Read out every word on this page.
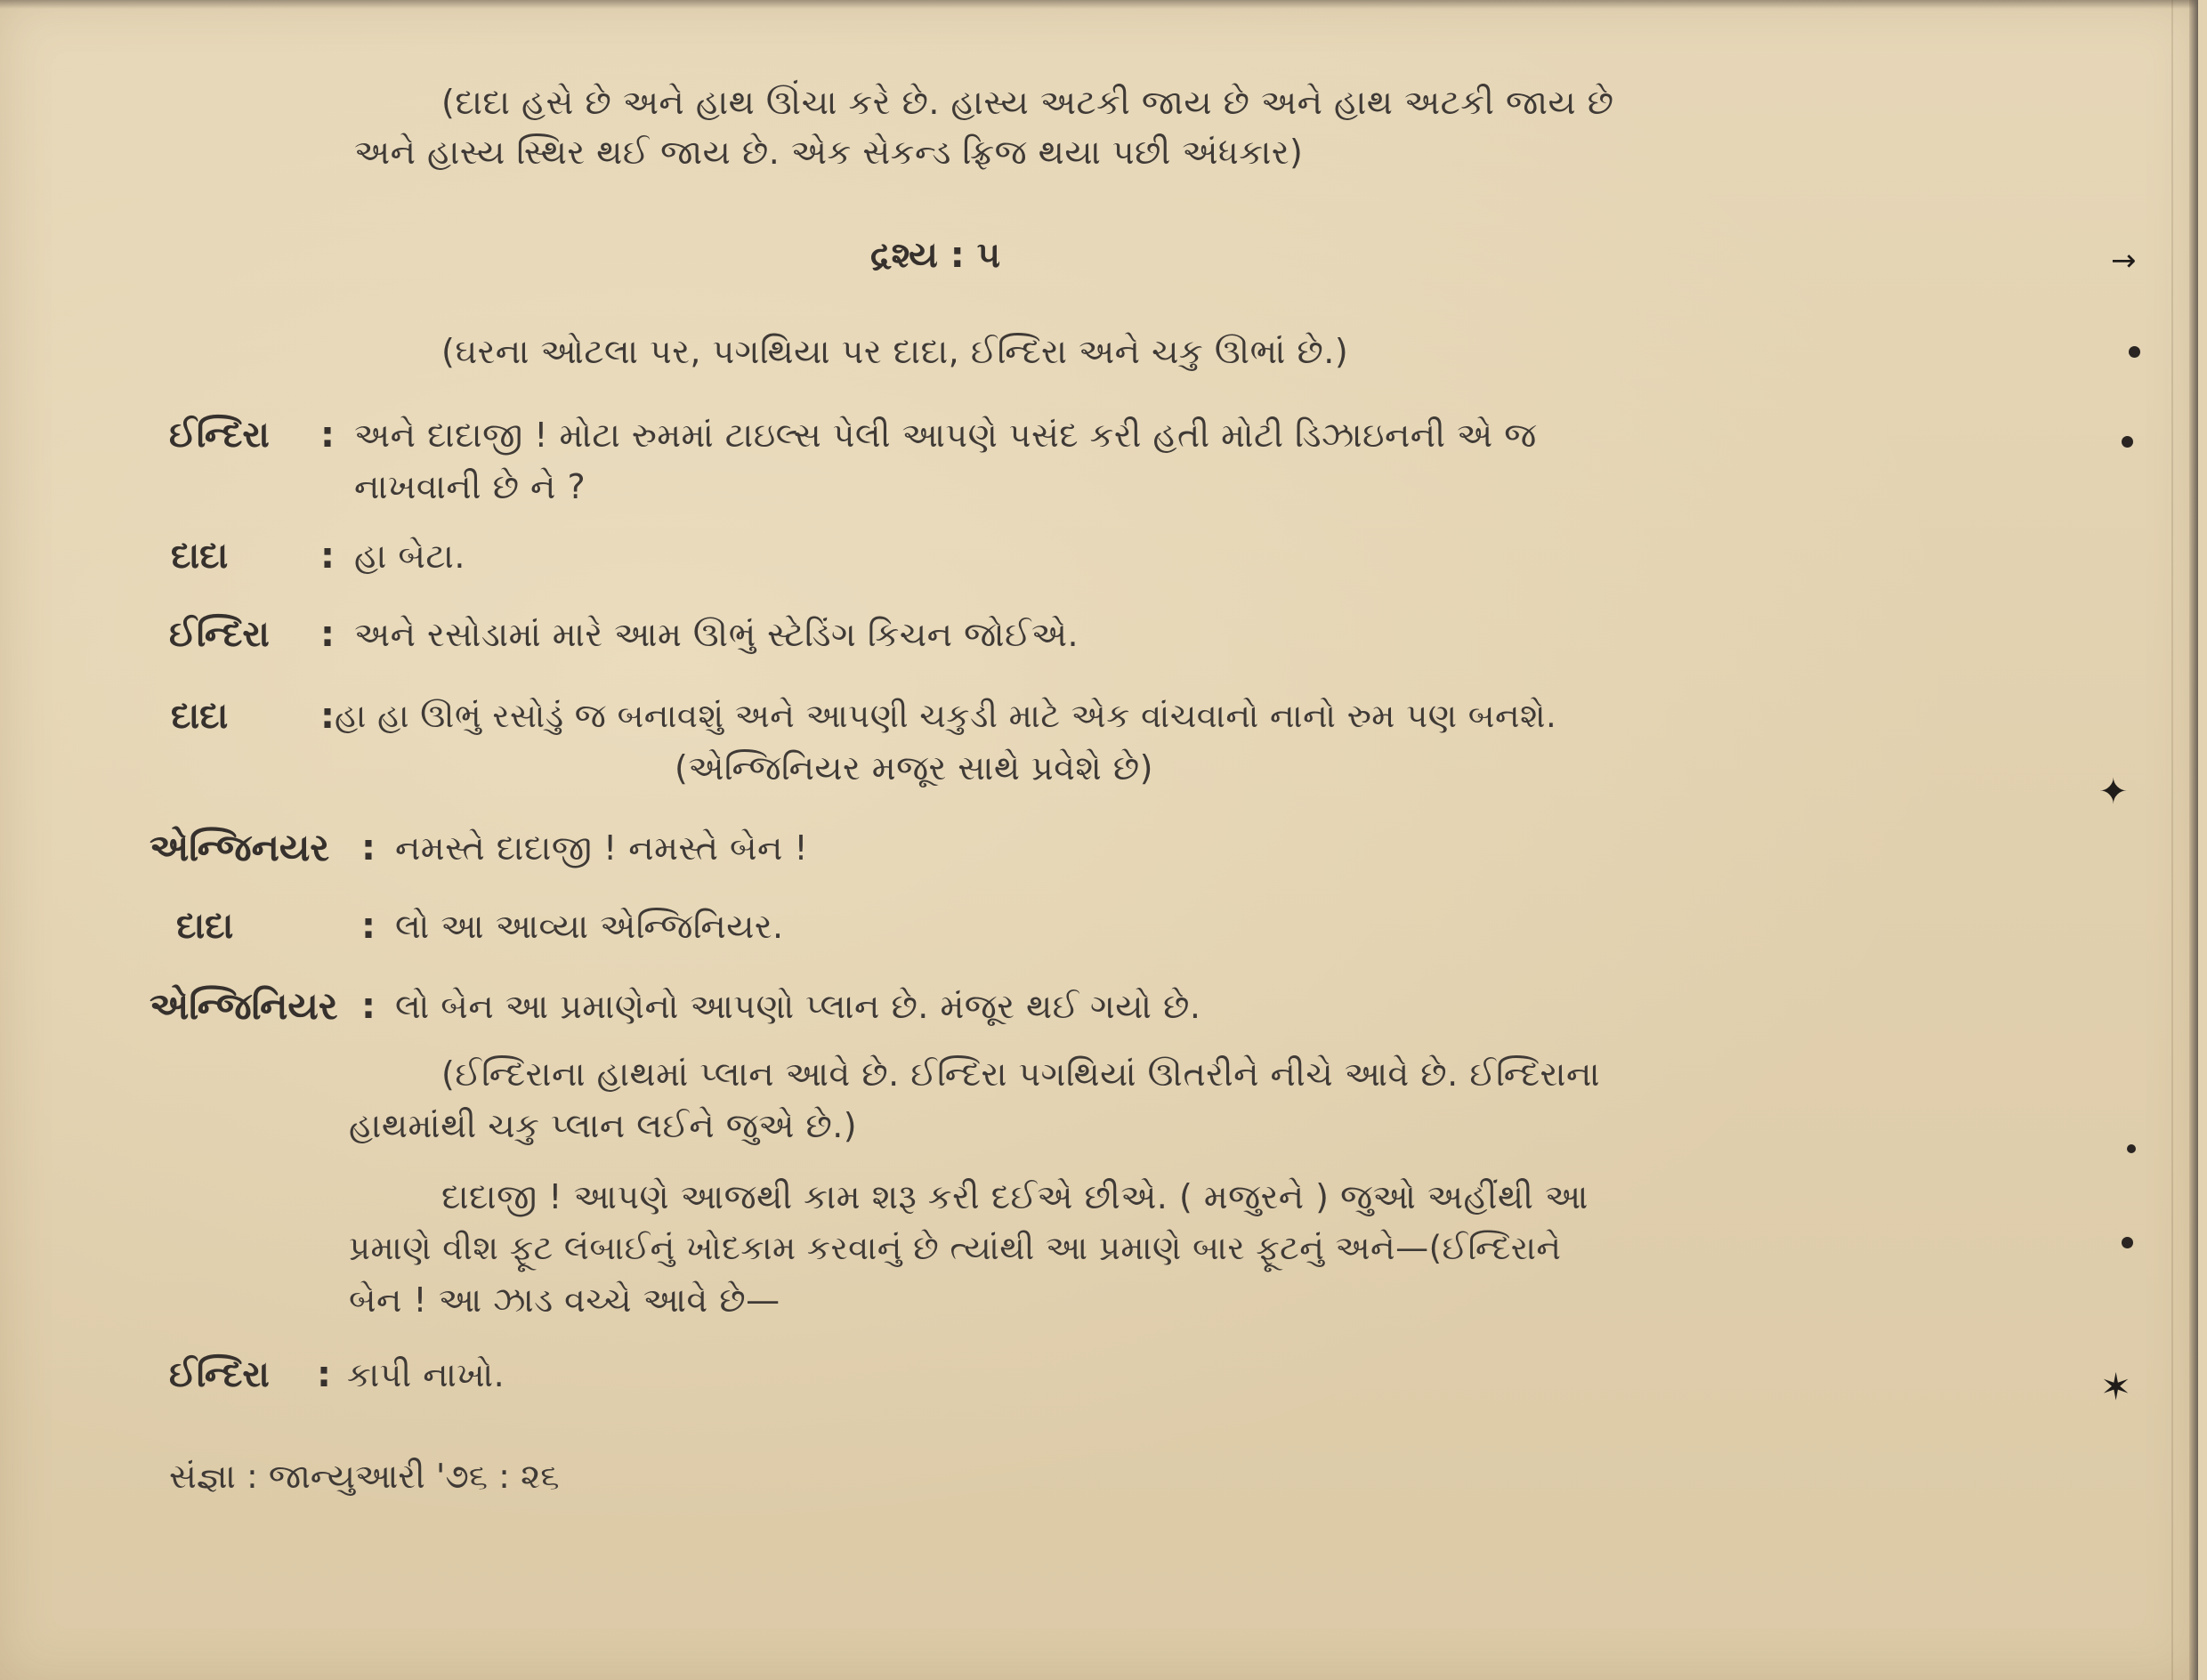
→
✦
✶
(દાદા હસે છે અને હાથ ઊંચા કરે છે. હાસ્ય અટકી જાય છે અને હાથ અટકી જાય છે
અને હાસ્ય સ્થિર થઈ જાય છે. એક સેકન્ડ ફ્રિજ થયા પછી અંધકાર)
દ્રશ્ય : ૫
(ઘરના ઓટલા પર, પગથિયા પર દાદા, ઈન્દિરા અને ચકુ ઊભાં છે.)
ઈન્દિરા : અને દાદાજી ! મોટા રુમમાં ટાઇલ્સ પેલી આપણે પસંદ કરી હતી મોટી ડિઝાઇનની એ જ
નાખવાની છે ને ?
દાદા	: હા બેટા.
ઈન્દિરા : અને રસોડામાં મારે આમ ઊભું સ્ટેડિંગ કિચન જોઈએ.
દાદા	: હા હા ઊભું રસોડું જ બનાવશું અને આપણી ચકુડી માટે એક વાંચવાનો નાનો રુમ પણ બનશે.
(એન્જિનિયર મજૂર સાથે પ્રવેશે છે)
એન્જિનયર : નમસ્તે દાદાજી ! નમસ્તે બેન !
દાદા	: લો આ આવ્યા એન્જિનિયર.
એન્જિનિયર : લો બેન આ પ્રમાણેનો આપણો પ્લાન છે. મંજૂર થઈ ગયો છે.
(ઈન્દિરાના હાથમાં પ્લાન આવે છે. ઈન્દિરા પગથિયાં ઊતરીને નીચે આવે છે. ઈન્દિરાના
હાથમાંથી ચકુ પ્લાન લઈને જુએ છે.)
દાદાજી ! આપણે આજથી કામ શરૂ કરી દઈએ છીએ. ( મજુરને ) જુઓ અહીંથી આ
પ્રમાણે વીશ ફૂટ લંબાઈનું ખોદકામ કરવાનું છે ત્યાંથી આ પ્રમાણે બાર ફૂટનું અને—(ઈન્દિરાને
બેન ! આ ઝાડ વચ્ચે આવે છે—
ઈન્દિરા : કાપી નાખો.
સંજ્ઞા : જાન્યુઆરી '૭૬ : ૨૬
